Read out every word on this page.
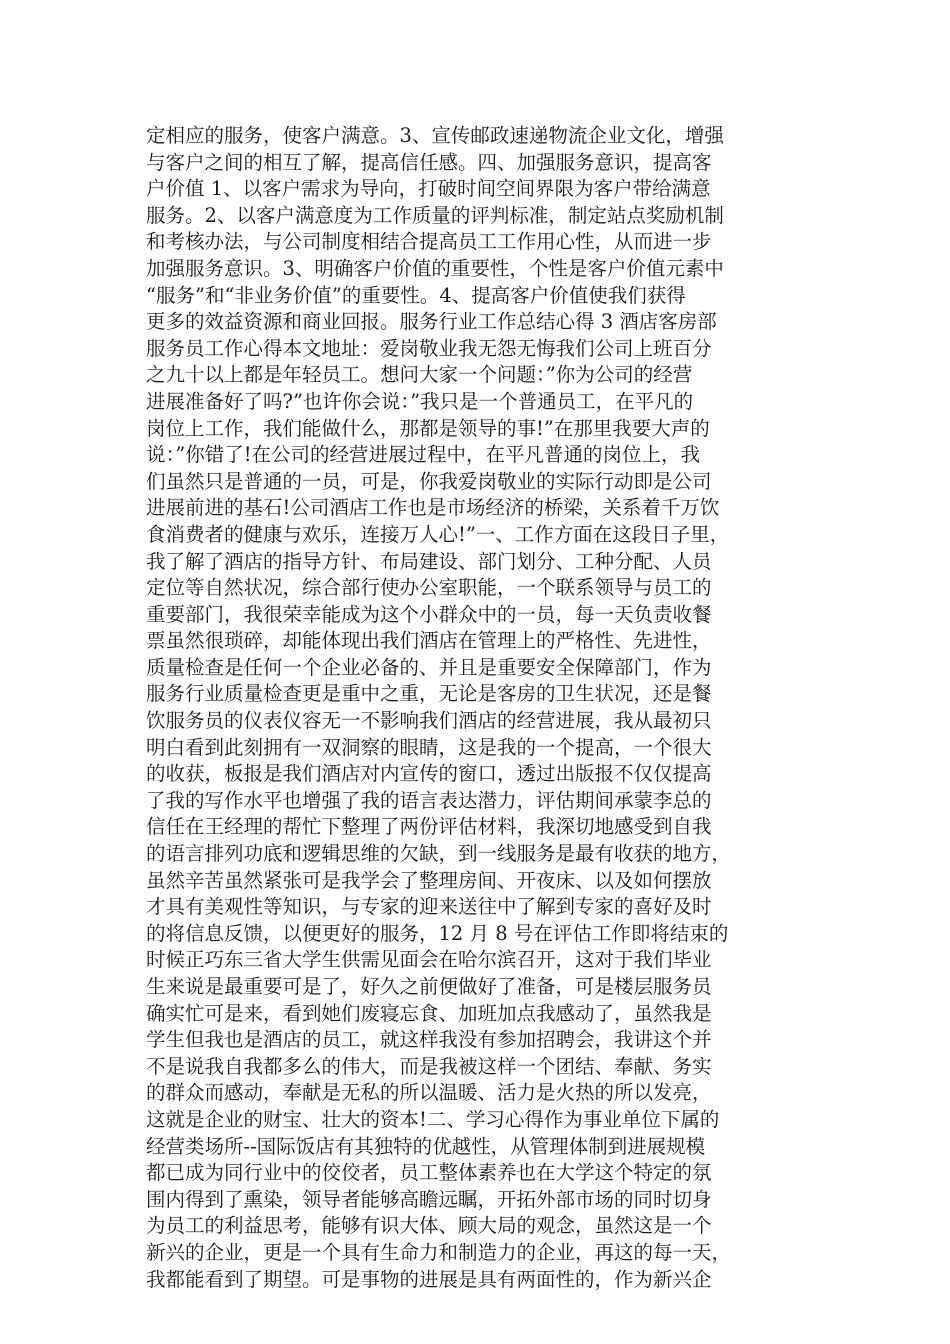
定相应的服务，使客户满意。3、宣传邮政速递物流企业文化，增强
与客户之间的相互了解，提高信任感。四、加强服务意识，提高客
户价值 1、以客户需求为导向，打破时间空间界限为客户带给满意
服务。2、以客户满意度为工作质量的评判标准，制定站点奖励机制
和考核办法，与公司制度相结合提高员工工作用心性，从而进一步
加强服务意识。3、明确客户价值的重要性，个性是客户价值元素中
“服务”和“非业务价值”的重要性。4、提高客户价值使我们获得
更多的效益资源和商业回报。服务行业工作总结心得 3 酒店客房部
服务员工作心得本文地址：爱岗敬业我无怨无悔我们公司上班百分
之九十以上都是年轻员工。想问大家一个问题：”你为公司的经营
进展准备好了吗?”也许你会说：”我只是一个普通员工，在平凡的
岗位上工作，我们能做什么，那都是领导的事!”在那里我要大声的
说：”你错了!在公司的经营进展过程中，在平凡普通的岗位上，我
们虽然只是普通的一员，可是，你我爱岗敬业的实际行动即是公司
进展前进的基石!公司酒店工作也是市场经济的桥梁，关系着千万饮
食消费者的健康与欢乐，连接万人心!”一、工作方面在这段日子里，
我了解了酒店的指导方针、布局建设、部门划分、工种分配、人员
定位等自然状况，综合部行使办公室职能，一个联系领导与员工的
重要部门，我很荣幸能成为这个小群众中的一员，每一天负责收餐
票虽然很琐碎，却能体现出我们酒店在管理上的严格性、先进性，
质量检查是任何一个企业必备的、并且是重要安全保障部门，作为
服务行业质量检查更是重中之重，无论是客房的卫生状况，还是餐
饮服务员的仪表仪容无一不影响我们酒店的经营进展，我从最初只
明白看到此刻拥有一双洞察的眼睛，这是我的一个提高，一个很大
的收获，板报是我们酒店对内宣传的窗口，透过出版报不仅仅提高
了我的写作水平也增强了我的语言表达潜力，评估期间承蒙李总的
信任在王经理的帮忙下整理了两份评估材料，我深切地感受到自我
的语言排列功底和逻辑思维的欠缺，到一线服务是最有收获的地方，
虽然辛苦虽然紧张可是我学会了整理房间、开夜床、以及如何摆放
才具有美观性等知识，与专家的迎来送往中了解到专家的喜好及时
的将信息反馈，以便更好的服务，12 月 8 号在评估工作即将结束的
时候正巧东三省大学生供需见面会在哈尔滨召开，这对于我们毕业
生来说是最重要可是了，好久之前便做好了准备，可是楼层服务员
确实忙可是来，看到她们废寝忘食、加班加点我感动了，虽然我是
学生但我也是酒店的员工，就这样我没有参加招聘会，我讲这个并
不是说我自我都多么的伟大，而是我被这样一个团结、奉献、务实
的群众而感动，奉献是无私的所以温暖、活力是火热的所以发亮，
这就是企业的财宝、壮大的资本!二、学习心得作为事业单位下属的
经营类场所--国际饭店有其独特的优越性，从管理体制到进展规模
都已成为同行业中的佼佼者，员工整体素养也在大学这个特定的氛
围内得到了熏染，领导者能够高瞻远瞩，开拓外部市场的同时切身
为员工的利益思考，能够有识大体、顾大局的观念，虽然这是一个
新兴的企业，更是一个具有生命力和制造力的企业，再这的每一天，
我都能看到了期望。可是事物的进展是具有两面性的，作为新兴企
